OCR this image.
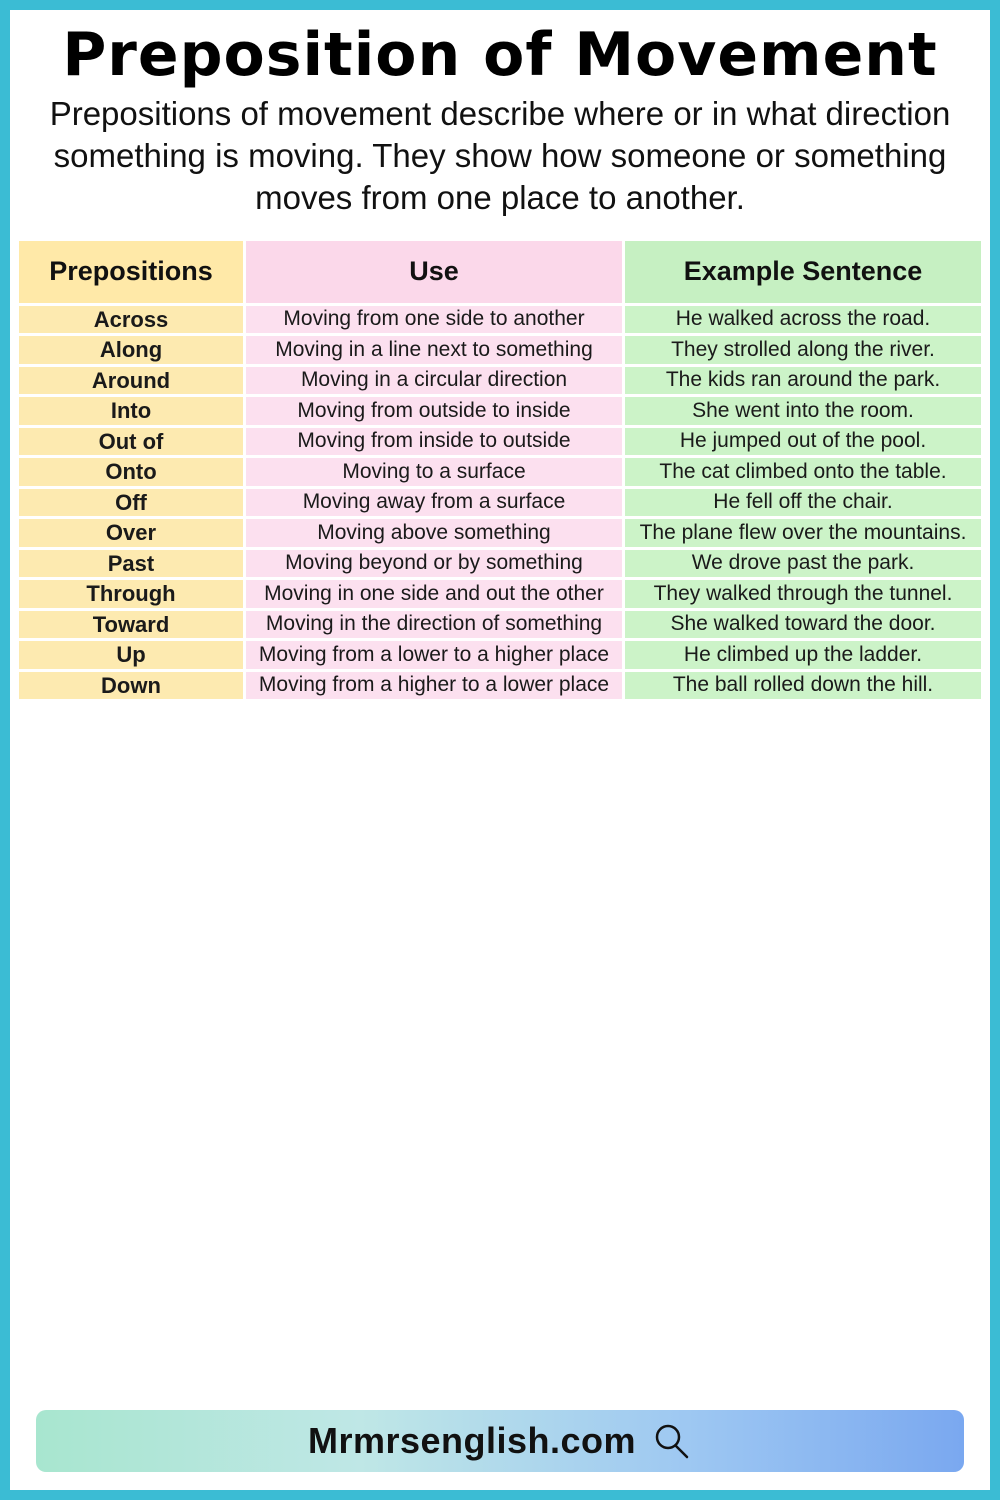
Preposition of Movement
Prepositions of movement describe where or in what direction something is moving. They show how someone or something moves from one place to another.
Prepositions	Use	Example Sentence
Across	Moving from one side to another	He walked across the road.
Along	Moving in a line next to something	They strolled along the river.
Around	Moving in a circular direction	The kids ran around the park.
Into	Moving from outside to inside	She went into the room.
Out of	Moving from inside to outside	He jumped out of the pool.
Onto	Moving to a surface	The cat climbed onto the table.
Off	Moving away from a surface	He fell off the chair.
Over	Moving above something	The plane flew over the mountains.
Past	Moving beyond or by something	We drove past the park.
Through	Moving in one side and out the other	They walked through the tunnel.
Toward	Moving in the direction of something	She walked toward the door.
Up	Moving from a lower to a higher place	He climbed up the ladder.
Down	Moving from a higher to a lower place	The ball rolled down the hill.
Mrmrsenglish.com
